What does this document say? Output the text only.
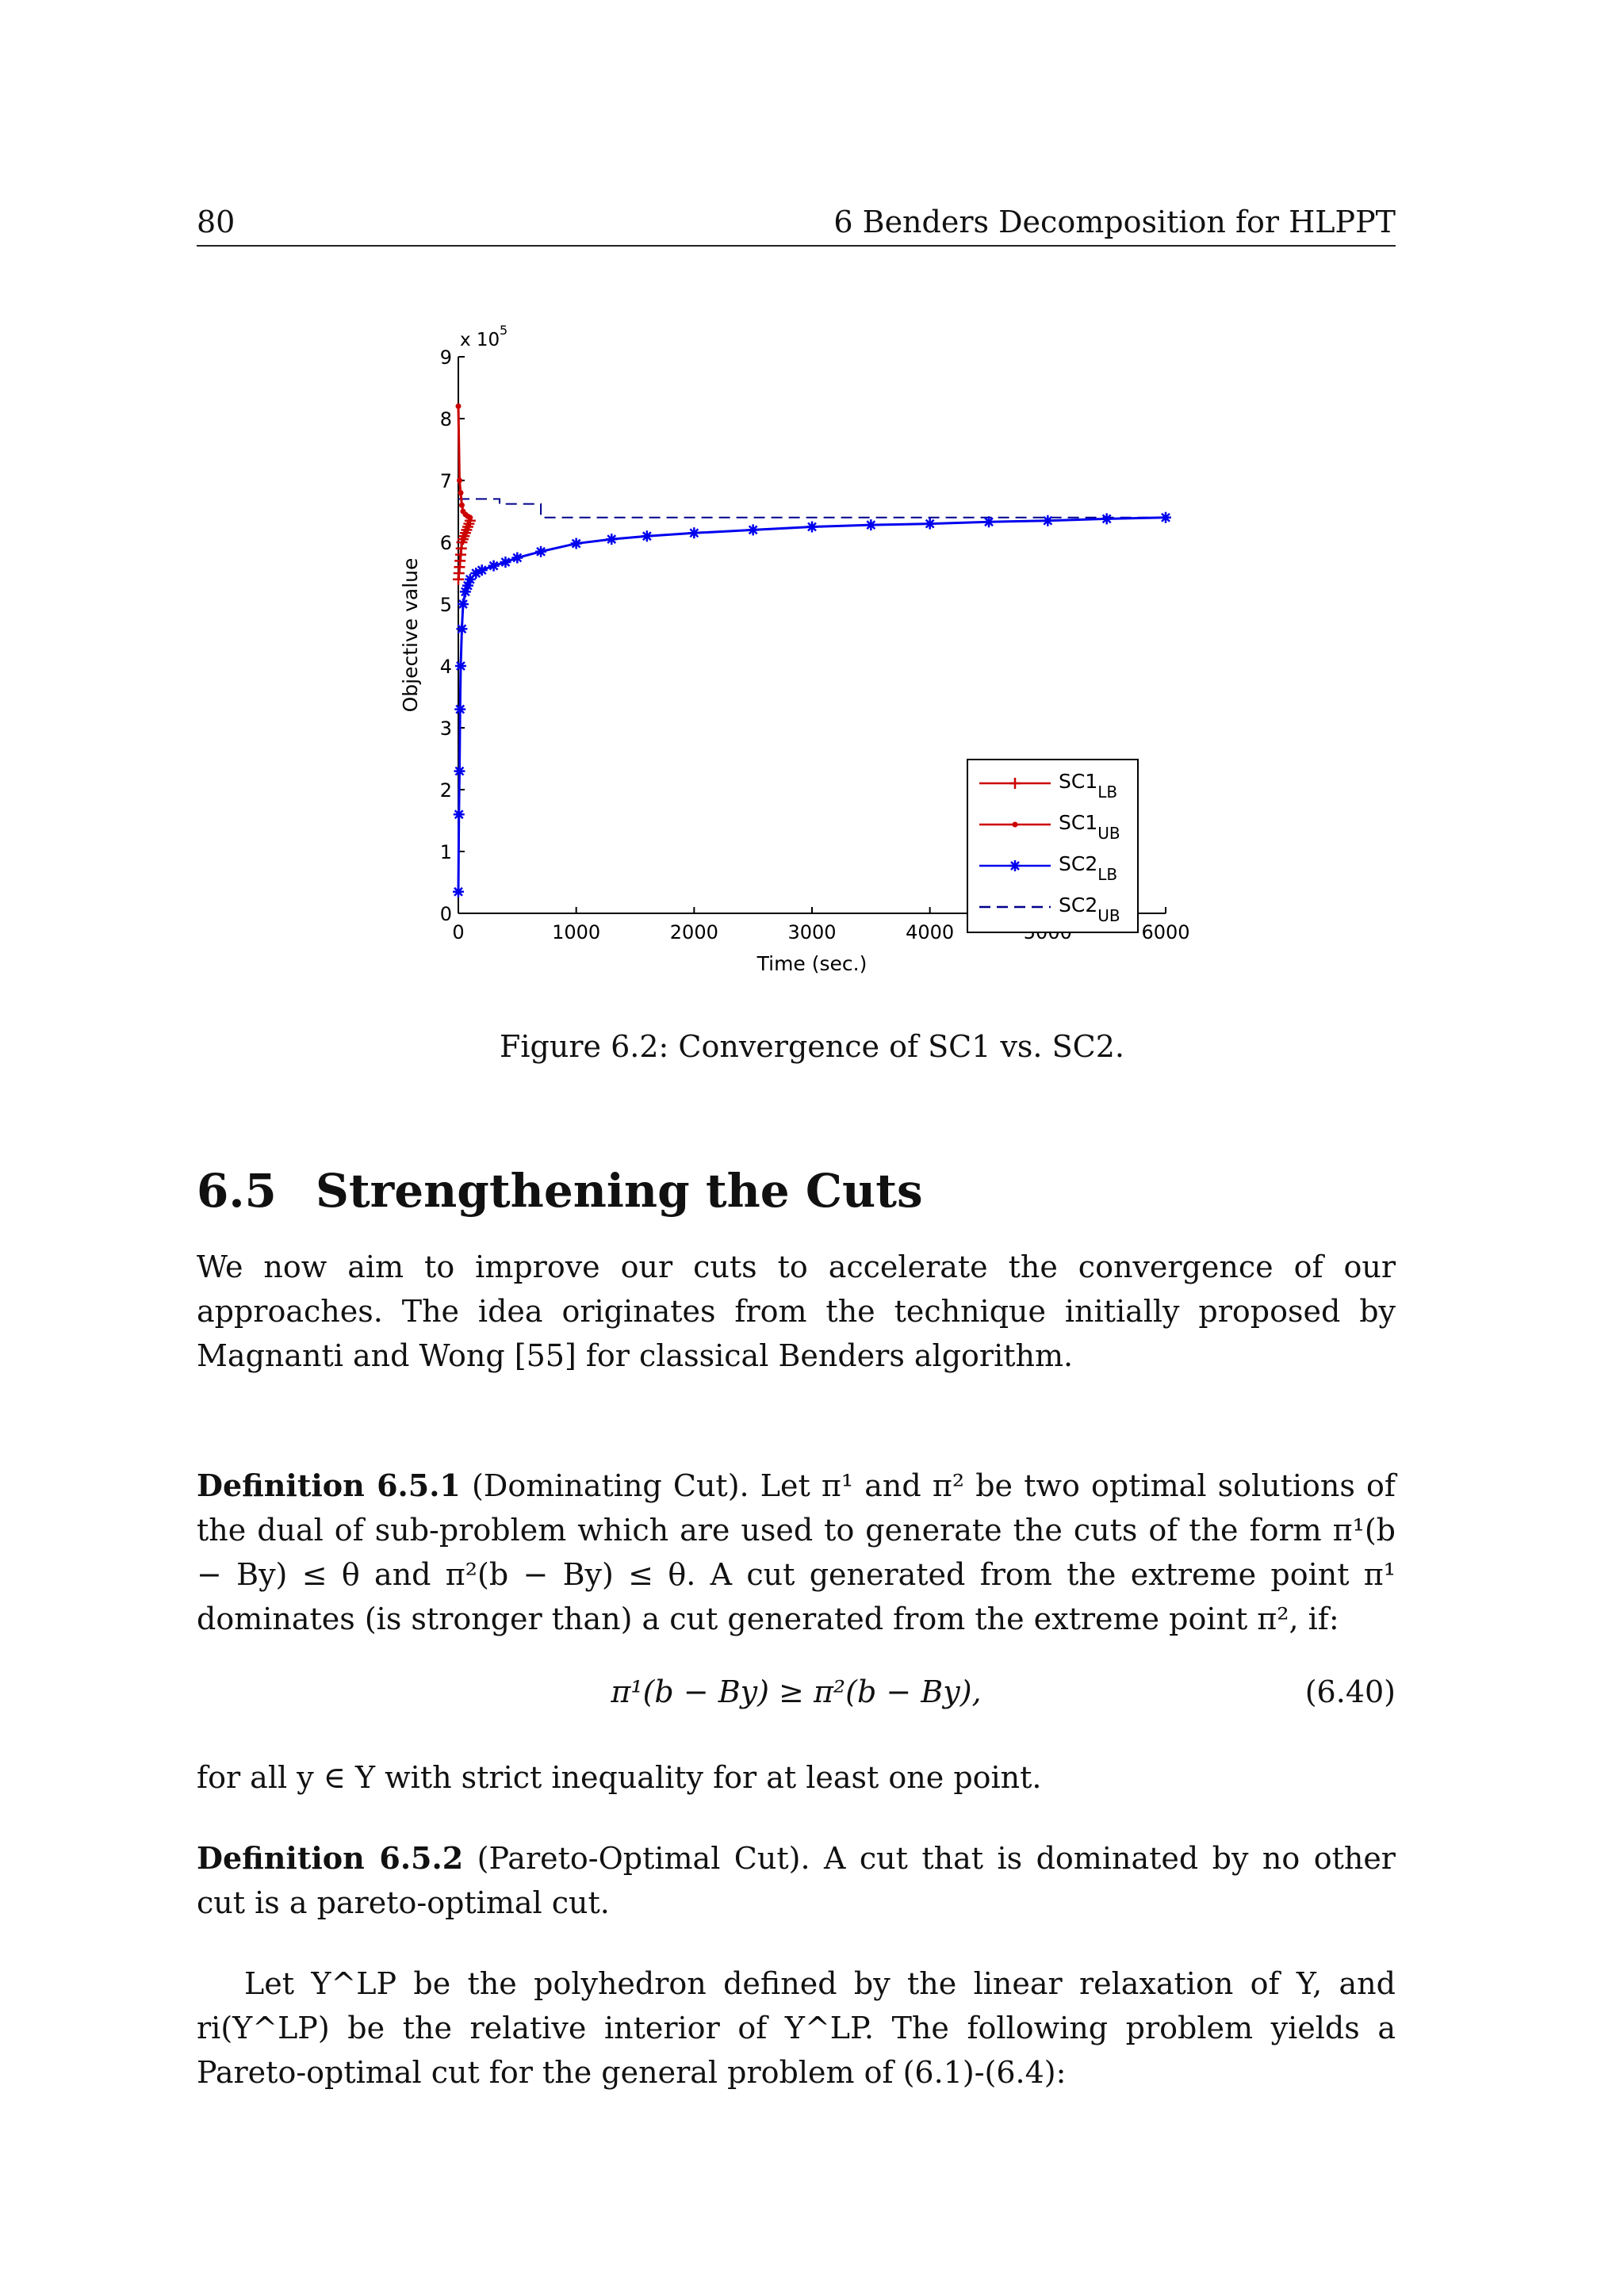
80	6 Benders Decomposition for HLPPT
0	1000	2000	3000	4000	6000
0
1
2
3
4
5
6
7
8
9
Time (sec.)
Objective value
x 10 5
$SC1_{LB}$
$SC1_{UB}$
$SC2_{LB}$
$SC2_{UB}$
Figure 6.2: Convergence of SC1 vs. SC2.
6.5 Strengthening the Cuts

We now aim to improve our cuts to accelerate the convergence of our approaches. The idea originates from the technique initially proposed by Magnanti and Wong [55] for classical Benders algorithm.

Definition 6.5.1 (Dominating Cut). Let π¹ and π² be two optimal solutions of the dual of sub-problem which are used to generate the cuts of the form π¹(b − By) ≤ θ and π²(b − By) ≤ θ. A cut generated from the extreme point π¹ dominates (is stronger than) a cut generated from the extreme point π², if:

π¹(b − By) ≥ π²(b − By),	(6.40)

for all y ∈ Y with strict inequality for at least one point.

Definition 6.5.2 (Pareto-Optimal Cut). A cut that is dominated by no other cut is a pareto-optimal cut.

Let Y^LP be the polyhedron defined by the linear relaxation of Y, and ri(Y^LP) be the relative interior of Y^LP. The following problem yields a Pareto-optimal cut for the general problem of (6.1)-(6.4):
